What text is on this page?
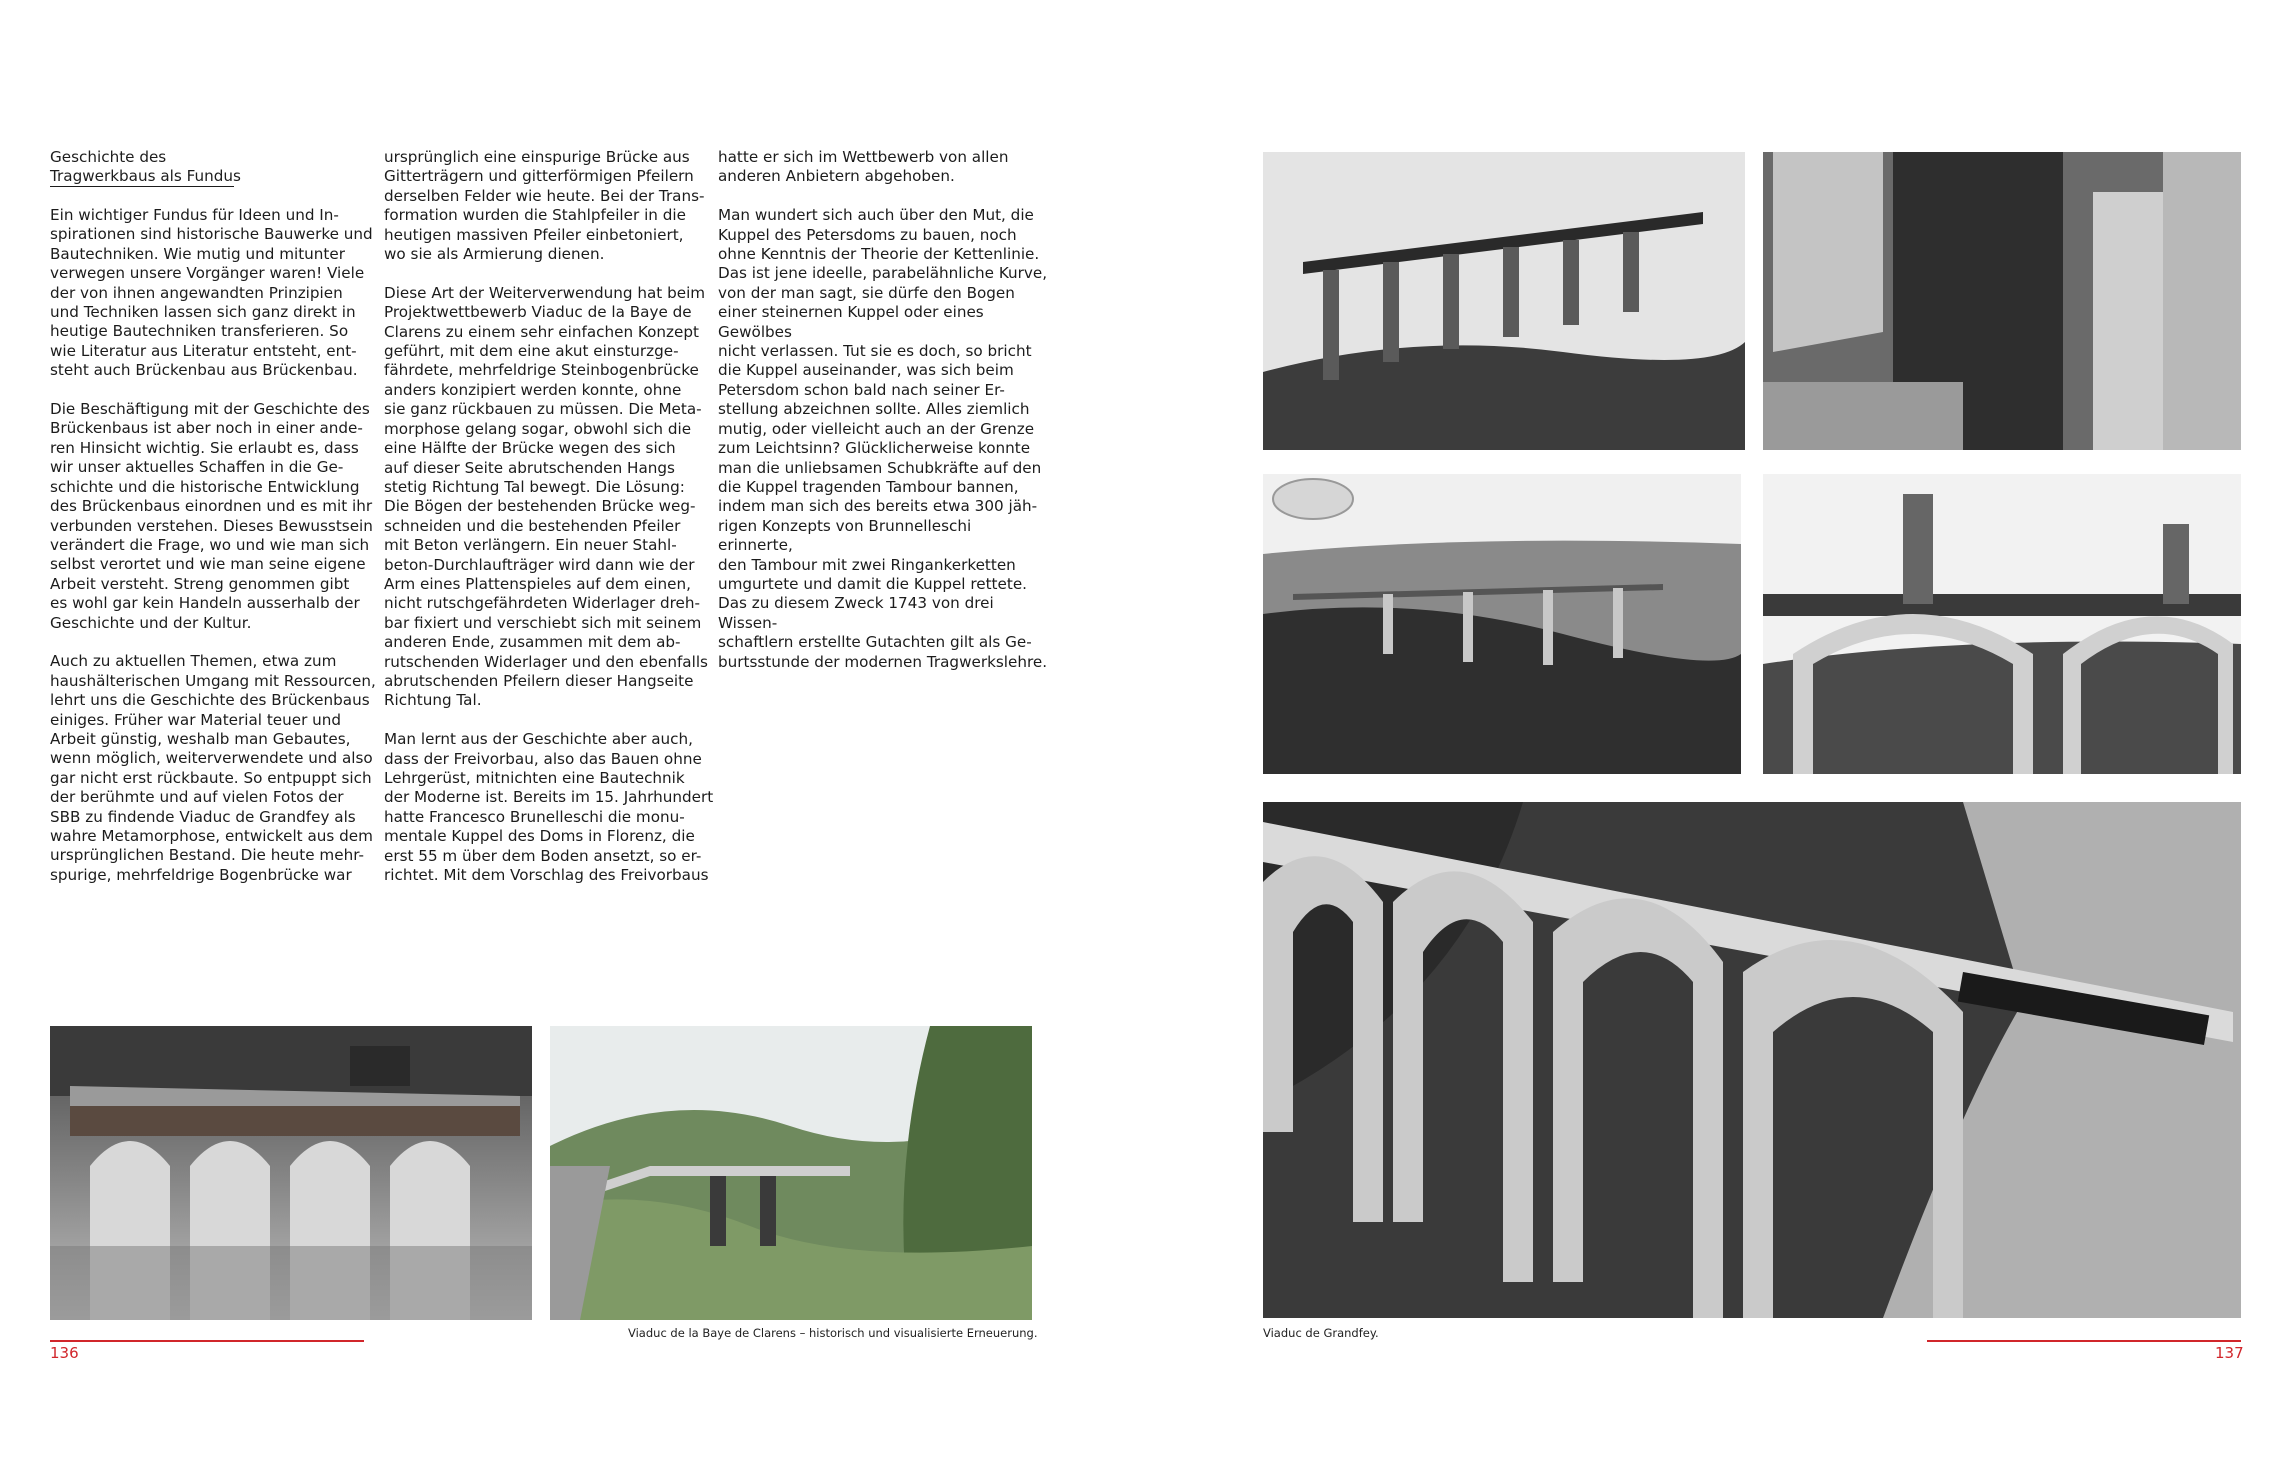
Geschichte des
Tragwerkbaus als Fundus
Ein wichtiger Fundus für Ideen und In-
spirationen sind historische Bauwerke und
Bautechniken. Wie mutig und mitunter
verwegen unsere Vorgänger waren! Viele
der von ihnen angewandten Prinzipien
und Techniken lassen sich ganz direkt in
heutige Bautechniken transferieren. So
wie Literatur aus Literatur entsteht, ent-
steht auch Brückenbau aus Brückenbau.

Die Beschäftigung mit der Geschichte des
Brückenbaus ist aber noch in einer ande-
ren Hinsicht wichtig. Sie erlaubt es, dass
wir unser aktuelles Schaffen in die Ge-
schichte und die historische Entwicklung
des Brückenbaus einordnen und es mit ihr
verbunden verstehen. Dieses Bewusstsein
verändert die Frage, wo und wie man sich
selbst verortet und wie man seine eigene
Arbeit versteht. Streng genommen gibt
es wohl gar kein Handeln ausserhalb der
Geschichte und der Kultur.

Auch zu aktuellen Themen, etwa zum
haushälterischen Umgang mit Ressourcen,
lehrt uns die Geschichte des Brückenbaus
einiges. Früher war Material teuer und
Arbeit günstig, weshalb man Gebautes,
wenn möglich, weiterverwendete und also
gar nicht erst rückbaute. So entpuppt sich
der berühmte und auf vielen Fotos der
SBB zu findende Viaduc de Grandfey als
wahre Metamorphose, entwickelt aus dem
ursprünglichen Bestand. Die heute mehr-
spurige, mehrfeldrige Bogenbrücke war
ursprünglich eine einspurige Brücke aus
Gitterträgern und gitterförmigen Pfeilern
derselben Felder wie heute. Bei der Trans-
formation wurden die Stahlpfeiler in die
heutigen massiven Pfeiler einbetoniert,
wo sie als Armierung dienen.

Diese Art der Weiterverwendung hat beim
Projektwettbewerb Viaduc de la Baye de
Clarens zu einem sehr einfachen Konzept
geführt, mit dem eine akut einsturzge-
fährdete, mehrfeldrige Steinbogenbrücke
anders konzipiert werden konnte, ohne
sie ganz rückbauen zu müssen. Die Meta-
morphose gelang sogar, obwohl sich die
eine Hälfte der Brücke wegen des sich
auf dieser Seite abrutschenden Hangs
stetig Richtung Tal bewegt. Die Lösung:
Die Bögen der bestehenden Brücke weg-
schneiden und die bestehenden Pfeiler
mit Beton verlängern. Ein neuer Stahl-
beton-Durchlaufträger wird dann wie der
Arm eines Plattenspieles auf dem einen,
nicht rutschgefährdeten Widerlager dreh-
bar fixiert und verschiebt sich mit seinem
anderen Ende, zusammen mit dem ab-
rutschenden Widerlager und den ebenfalls
abrutschenden Pfeilern dieser Hangseite
Richtung Tal.

Man lernt aus der Geschichte aber auch,
dass der Freivorbau, also das Bauen ohne
Lehrgerüst, mitnichten eine Bautechnik
der Moderne ist. Bereits im 15. Jahrhundert
hatte Francesco Brunelleschi die monu-
mentale Kuppel des Doms in Florenz, die
erst 55 m über dem Boden ansetzt, so er-
richtet. Mit dem Vorschlag des Freivorbaus
hatte er sich im Wettbewerb von allen
anderen Anbietern abgehoben.

Man wundert sich auch über den Mut, die
Kuppel des Petersdoms zu bauen, noch
ohne Kenntnis der Theorie der Kettenlinie.
Das ist jene ideelle, parabelähnliche Kurve,
von der man sagt, sie dürfe den Bogen
einer steinernen Kuppel oder eines Gewölbes
nicht verlassen. Tut sie es doch, so bricht
die Kuppel auseinander, was sich beim
Petersdom schon bald nach seiner Er-
stellung abzeichnen sollte. Alles ziemlich
mutig, oder vielleicht auch an der Grenze
zum Leichtsinn? Glücklicherweise konnte
man die unliebsamen Schubkräfte auf den
die Kuppel tragenden Tambour bannen,
indem man sich des bereits etwa 300 jäh-
rigen Konzepts von Brunnelleschi erinnerte,
den Tambour mit zwei Ringankerketten
umgurtete und damit die Kuppel rettete.
Das zu diesem Zweck 1743 von drei Wissen-
schaftlern erstellte Gutachten gilt als Ge-
burtsstunde der modernen Tragwerkslehre.
Viaduc de la Baye de Clarens – historisch und visualisierte Erneuerung.
136
Viaduc de Grandfey.
137
